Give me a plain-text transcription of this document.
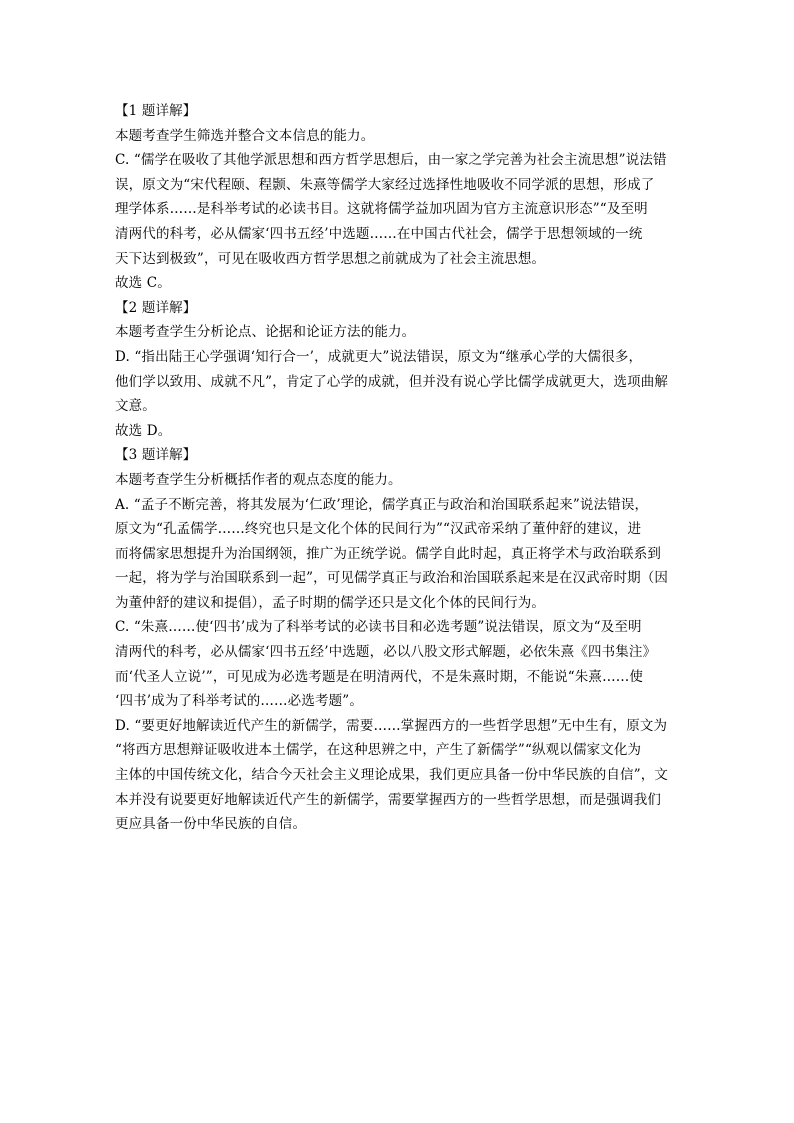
【1 题详解】
本题考查学生筛选并整合文本信息的能力。
C. “儒学在吸收了其他学派思想和西方哲学思想后，由一家之学完善为社会主流思想”说法错
误，原文为“宋代程颐、程颢、朱熹等儒学大家经过选择性地吸收不同学派的思想，形成了
理学体系……是科举考试的必读书目。这就将儒学益加巩固为官方主流意识形态”“及至明
清两代的科考，必从儒家‘四书五经’中选题……在中国古代社会，儒学于思想领域的一统
天下达到极致”，可见在吸收西方哲学思想之前就成为了社会主流思想。
故选 C。
【2 题详解】
本题考查学生分析论点、论据和论证方法的能力。
D. “指出陆王心学强调‘知行合一’，成就更大”说法错误，原文为“继承心学的大儒很多，
他们学以致用、成就不凡”，肯定了心学的成就，但并没有说心学比儒学成就更大，选项曲解
文意。
故选 D。
【3 题详解】
本题考查学生分析概括作者的观点态度的能力。
A. “孟子不断完善，将其发展为‘仁政’理论，儒学真正与政治和治国联系起来”说法错误，
原文为“孔孟儒学……终究也只是文化个体的民间行为”“汉武帝采纳了董仲舒的建议，进
而将儒家思想提升为治国纲领，推广为正统学说。儒学自此时起，真正将学术与政治联系到
一起，将为学与治国联系到一起”，可见儒学真正与政治和治国联系起来是在汉武帝时期（因
为董仲舒的建议和提倡），孟子时期的儒学还只是文化个体的民间行为。
C. “朱熹……使‘四书’成为了科举考试的必读书目和必选考题”说法错误，原文为“及至明
清两代的科考，必从儒家‘四书五经’中选题，必以八股文形式解题，必依朱熹《四书集注》
而‘代圣人立说’”，可见成为必选考题是在明清两代，不是朱熹时期，不能说“朱熹……使
‘四书’成为了科举考试的……必选考题”。
D. “要更好地解读近代产生的新儒学，需要……掌握西方的一些哲学思想”无中生有，原文为
“将西方思想辩证吸收进本土儒学，在这种思辨之中，产生了新儒学”“纵观以儒家文化为
主体的中国传统文化，结合今天社会主义理论成果，我们更应具备一份中华民族的自信”，文
本并没有说要更好地解读近代产生的新儒学，需要掌握西方的一些哲学思想，而是强调我们
更应具备一份中华民族的自信。
